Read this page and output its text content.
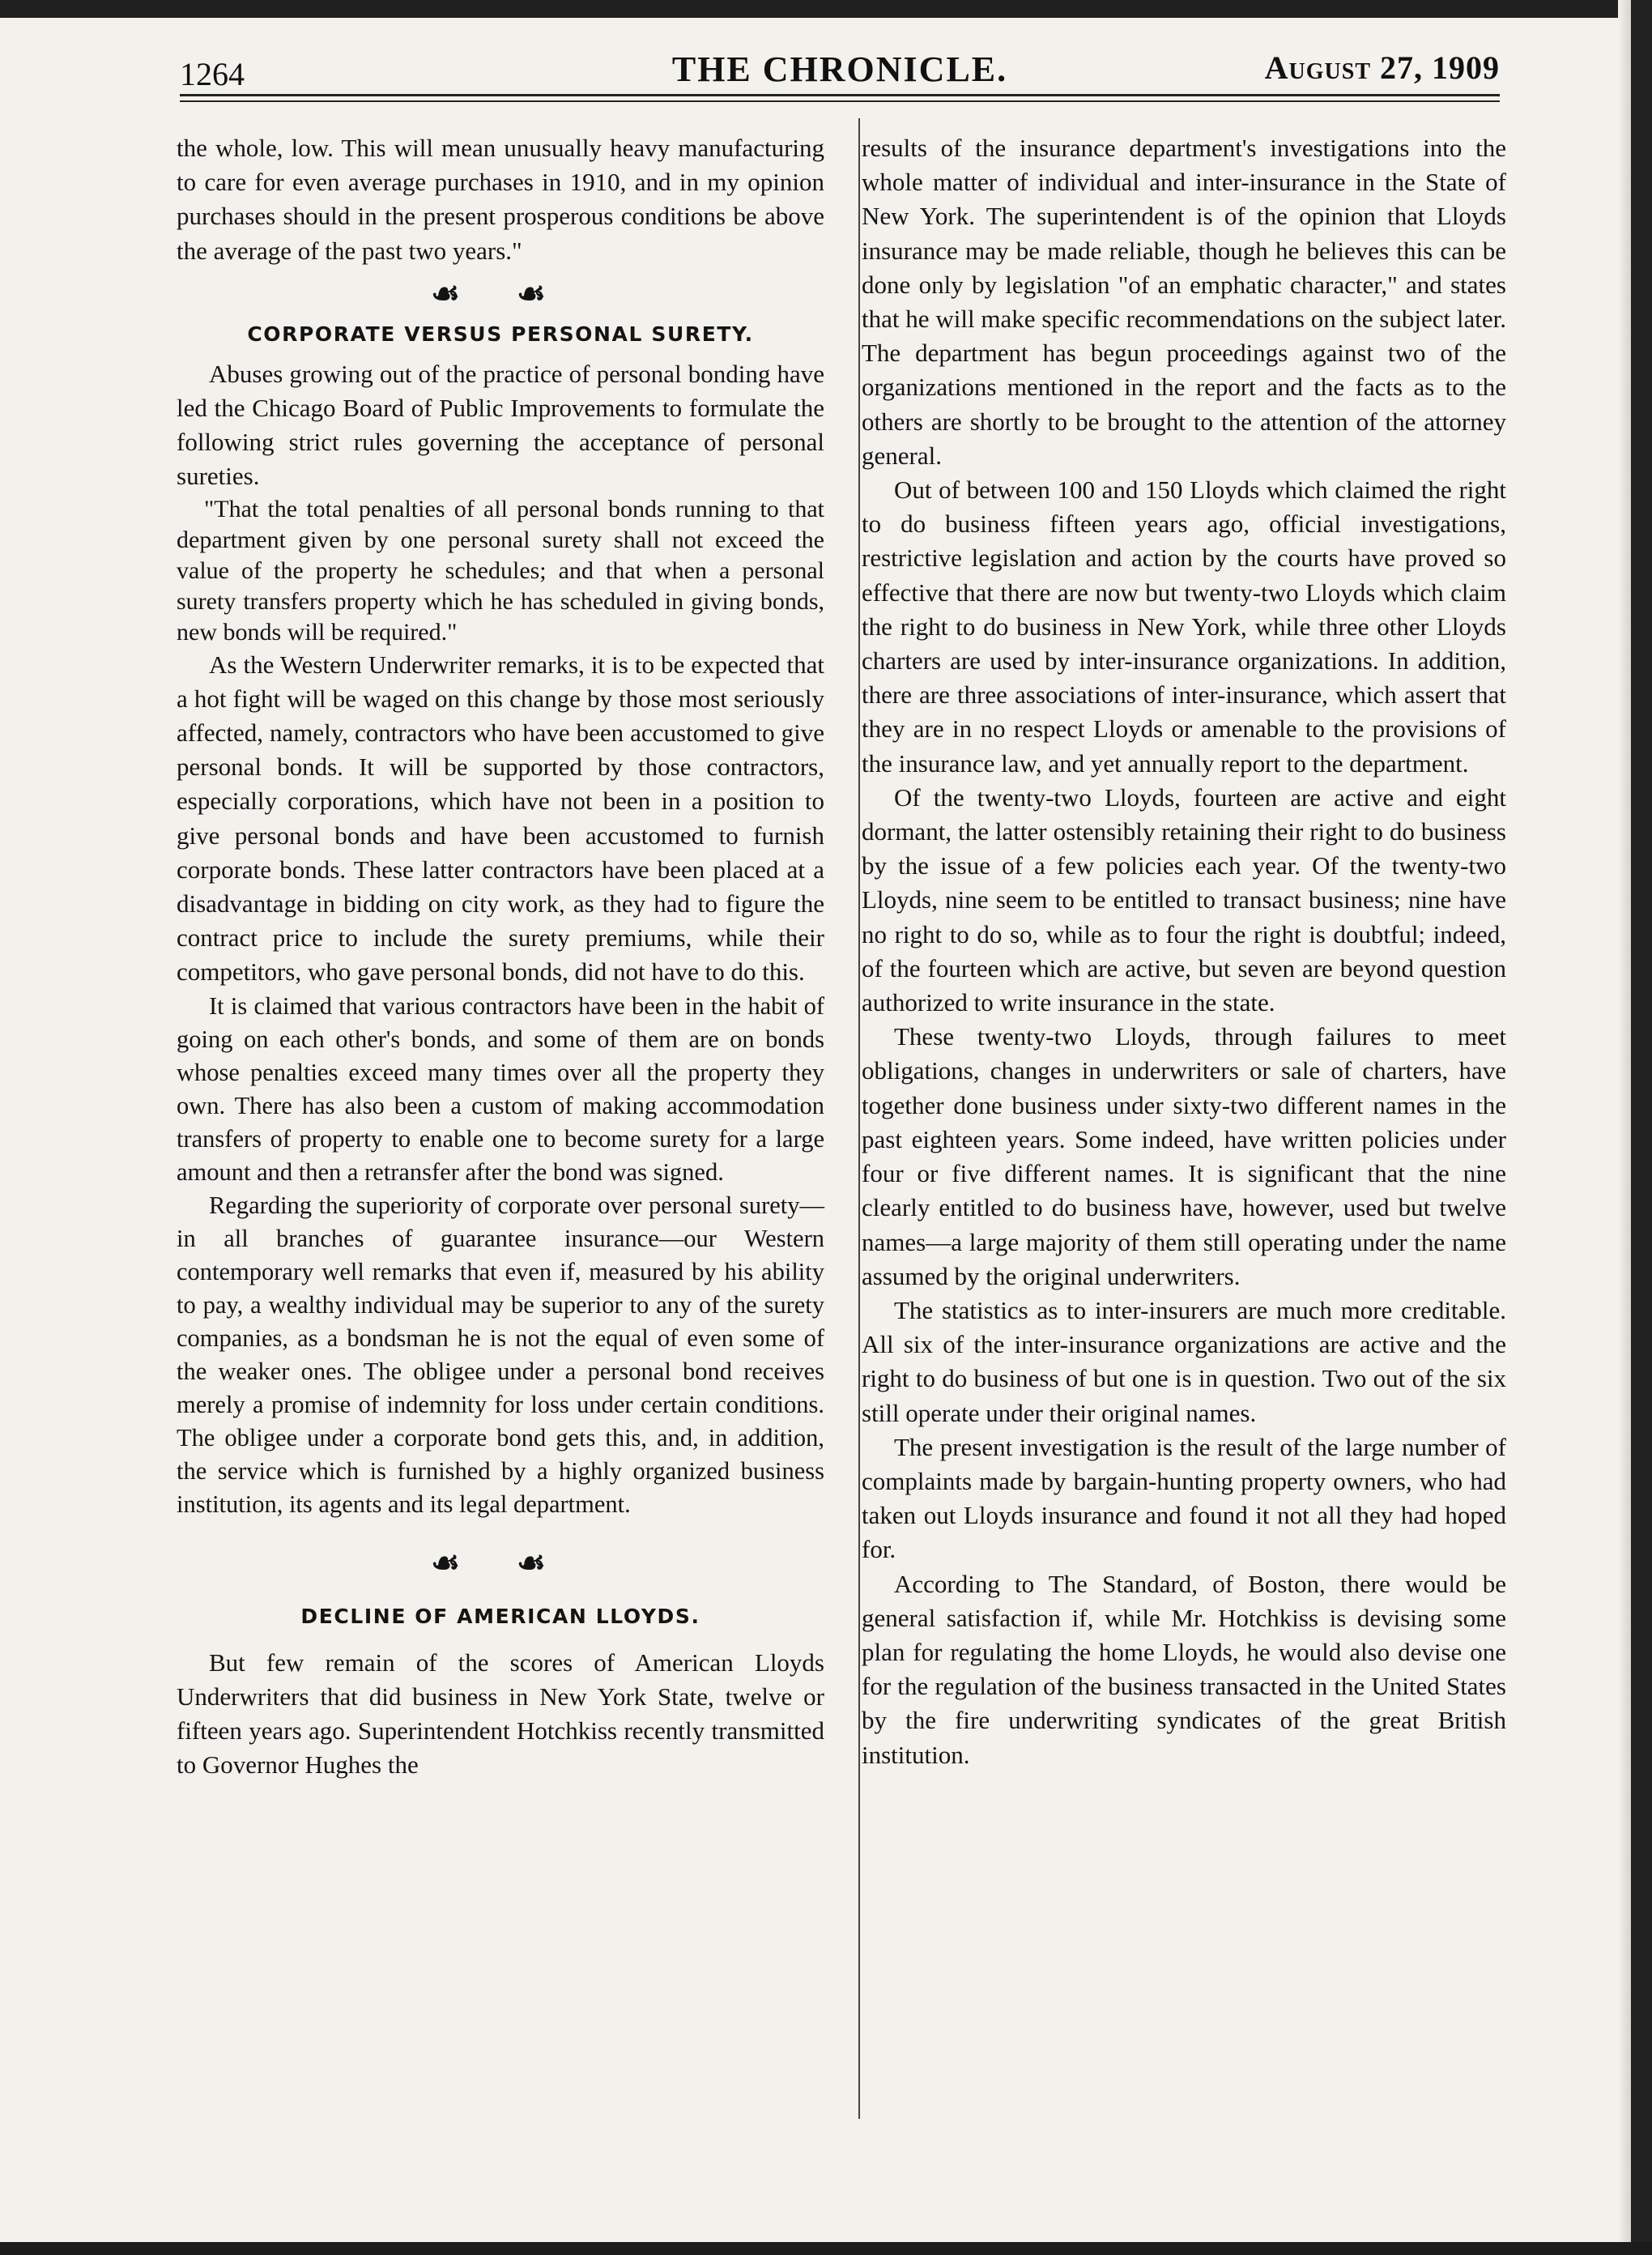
1264	THE CHRONICLE.	August 27, 1909

the whole, low. This will mean unusually heavy manufacturing to care for even average purchases in 1910, and in my opinion purchases should in the present prosperous conditions be above the average of the past two years."

☙ ☙
CORPORATE VERSUS PERSONAL SURETY.

Abuses growing out of the practice of personal bonding have led the Chicago Board of Public Improvements to formulate the following strict rules governing the acceptance of personal sureties.

"That the total penalties of all personal bonds running to that department given by one personal surety shall not exceed the value of the property he schedules; and that when a personal surety transfers property which he has scheduled in giving bonds, new bonds will be required."

As the Western Underwriter remarks, it is to be expected that a hot fight will be waged on this change by those most seriously affected, namely, contractors who have been accustomed to give personal bonds. It will be supported by those contractors, especially corporations, which have not been in a position to give personal bonds and have been accustomed to furnish corporate bonds. These latter contractors have been placed at a disadvantage in bidding on city work, as they had to figure the contract price to include the surety premiums, while their competitors, who gave personal bonds, did not have to do this.

It is claimed that various contractors have been in the habit of going on each other's bonds, and some of them are on bonds whose penalties exceed many times over all the property they own. There has also been a custom of making accommodation transfers of property to enable one to become surety for a large amount and then a retransfer after the bond was signed.

Regarding the superiority of corporate over personal surety—in all branches of guarantee insurance—our Western contemporary well remarks that even if, measured by his ability to pay, a wealthy individual may be superior to any of the surety companies, as a bondsman he is not the equal of even some of the weaker ones. The obligee under a personal bond receives merely a promise of indemnity for loss under certain conditions. The obligee under a corporate bond gets this, and, in addition, the service which is furnished by a highly organized business institution, its agents and its legal department.

☙ ☙
DECLINE OF AMERICAN LLOYDS.

But few remain of the scores of American Lloyds Underwriters that did business in New York State, twelve or fifteen years ago. Superintendent Hotchkiss recently transmitted to Governor Hughes the

results of the insurance department's investigations into the whole matter of individual and inter-insurance in the State of New York. The superintendent is of the opinion that Lloyds insurance may be made reliable, though he believes this can be done only by legislation "of an emphatic character," and states that he will make specific recommendations on the subject later. The department has begun proceedings against two of the organizations mentioned in the report and the facts as to the others are shortly to be brought to the attention of the attorney general.

Out of between 100 and 150 Lloyds which claimed the right to do business fifteen years ago, official investigations, restrictive legislation and action by the courts have proved so effective that there are now but twenty-two Lloyds which claim the right to do business in New York, while three other Lloyds charters are used by inter-insurance organizations. In addition, there are three associations of inter-insurance, which assert that they are in no respect Lloyds or amenable to the provisions of the insurance law, and yet annually report to the department.

Of the twenty-two Lloyds, fourteen are active and eight dormant, the latter ostensibly retaining their right to do business by the issue of a few policies each year. Of the twenty-two Lloyds, nine seem to be entitled to transact business; nine have no right to do so, while as to four the right is doubtful; indeed, of the fourteen which are active, but seven are beyond question authorized to write insurance in the state.

These twenty-two Lloyds, through failures to meet obligations, changes in underwriters or sale of charters, have together done business under sixty-two different names in the past eighteen years. Some indeed, have written policies under four or five different names. It is significant that the nine clearly entitled to do business have, however, used but twelve names—a large majority of them still operating under the name assumed by the original underwriters.

The statistics as to inter-insurers are much more creditable. All six of the inter-insurance organizations are active and the right to do business of but one is in question. Two out of the six still operate under their original names.

The present investigation is the result of the large number of complaints made by bargain-hunting property owners, who had taken out Lloyds insurance and found it not all they had hoped for.

According to The Standard, of Boston, there would be general satisfaction if, while Mr. Hotchkiss is devising some plan for regulating the home Lloyds, he would also devise one for the regulation of the business transacted in the United States by the fire underwriting syndicates of the great British institution.
